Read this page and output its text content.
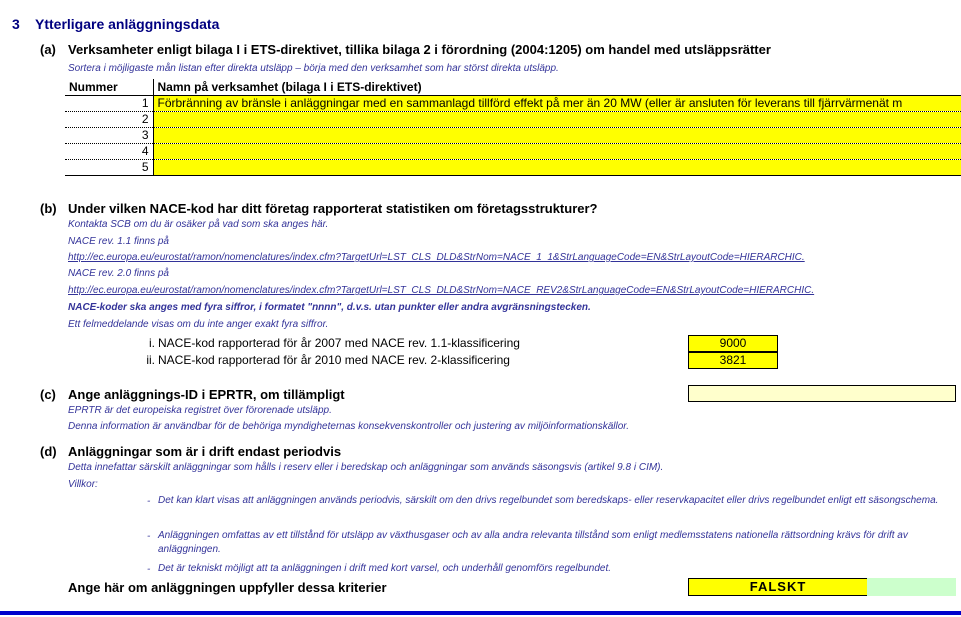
3 Ytterligare anläggningsdata
(a) Verksamheter enligt bilaga I i ETS-direktivet, tillika bilaga 2 i förordning (2004:1205) om handel med utsläppsrätter
Sortera i möjligaste mån listan efter direkta utsläpp – börja med den verksamhet som har störst direkta utsläpp.
Nummer	Namn på verksamhet (bilaga I i ETS-direktivet)
1	Förbränning av bränsle i anläggningar med en sammanlagd tillförd effekt på mer än 20 MW (eller är ansluten för leverans till fjärrvärmenät m
2	
3	
4	
5	
(b) Under vilken NACE-kod har ditt företag rapporterat statistiken om företagsstrukturer?
Kontakta SCB om du är osäker på vad som ska anges här.
NACE rev. 1.1 finns på
http://ec.europa.eu/eurostat/ramon/nomenclatures/index.cfm?TargetUrl=LST_CLS_DLD&StrNom=NACE_1_1&StrLanguageCode=EN&StrLayoutCode=HIERARCHIC.
NACE rev. 2.0 finns på
http://ec.europa.eu/eurostat/ramon/nomenclatures/index.cfm?TargetUrl=LST_CLS_DLD&StrNom=NACE_REV2&StrLanguageCode=EN&StrLayoutCode=HIERARCHIC.
NACE-koder ska anges med fyra siffror, i formatet "nnnn", d.v.s. utan punkter eller andra avgränsningstecken.
Ett felmeddelande visas om du inte anger exakt fyra siffror.
i. NACE-kod rapporterad för år 2007 med NACE rev. 1.1-klassificering	9000
ii. NACE-kod rapporterad för år 2010 med NACE rev. 2-klassificering	3821
(c) Ange anläggnings-ID i EPRTR, om tillämpligt
EPRTR är det europeiska registret över förorenade utsläpp.
Denna information är användbar för de behöriga myndigheternas konsekvenskontroller och justering av miljöinformationskällor.
(d) Anläggningar som är i drift endast periodvis
Detta innefattar särskilt anläggningar som hålls i reserv eller i beredskap och anläggningar som används säsongsvis (artikel 9.8 i CIM).
Villkor:
- Det kan klart visas att anläggningen används periodvis, särskilt om den drivs regelbundet som beredskaps- eller reservkapacitet eller drivs regelbundet enligt ett säsongschema.
- Anläggningen omfattas av ett tillstånd för utsläpp av växthusgaser och av alla andra relevanta tillstånd som enligt medlemsstatens nationella rättsordning krävs för drift av anläggningen.
- Det är tekniskt möjligt att ta anläggningen i drift med kort varsel, och underhåll genomförs regelbundet.
Ange här om anläggningen uppfyller dessa kriterier	FALSKT
